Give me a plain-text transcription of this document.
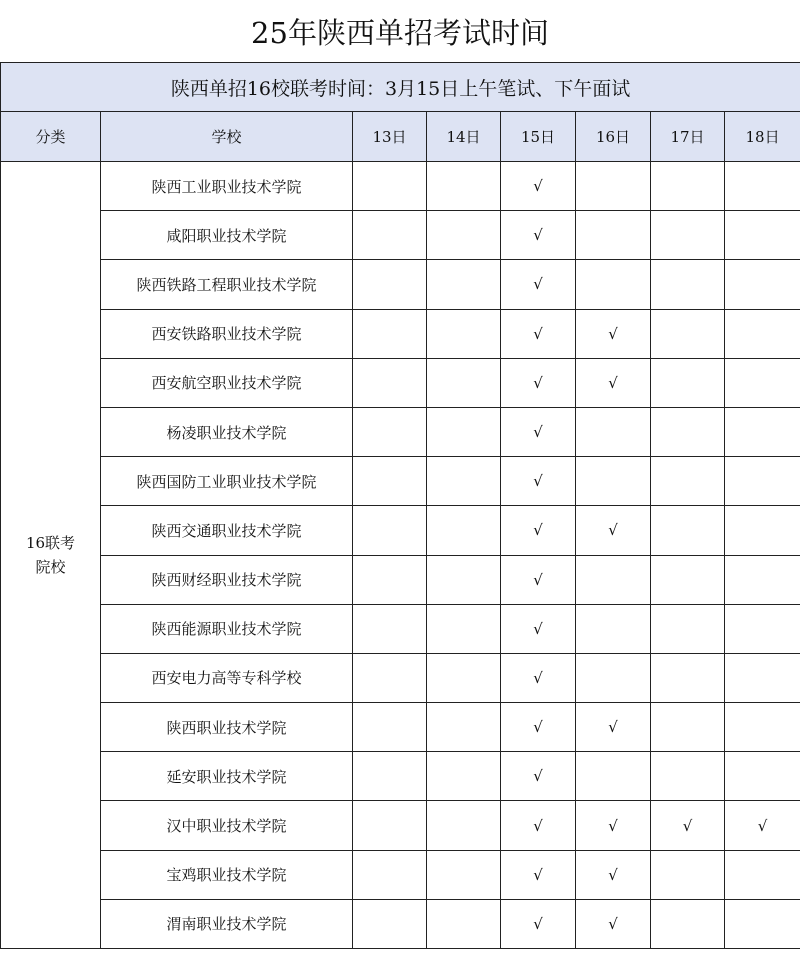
25年陕西单招考试时间
陕西单招16校联考时间：3月15日上午笔试、下午面试							
分类	学校	13日	14日	15日	16日	17日	18日
16联考
院校	陕西工业职业技术学院			√			
	咸阳职业技术学院			√			
	陕西铁路工程职业技术学院			√			
	西安铁路职业技术学院			√	√		
	西安航空职业技术学院			√	√		
	杨凌职业技术学院			√			
	陕西国防工业职业技术学院			√			
	陕西交通职业技术学院			√	√		
	陕西财经职业技术学院			√			
	陕西能源职业技术学院			√			
	西安电力高等专科学校			√			
	陕西职业技术学院			√	√		
	延安职业技术学院			√			
	汉中职业技术学院			√	√	√	√
	宝鸡职业技术学院			√	√		
	渭南职业技术学院			√	√		
